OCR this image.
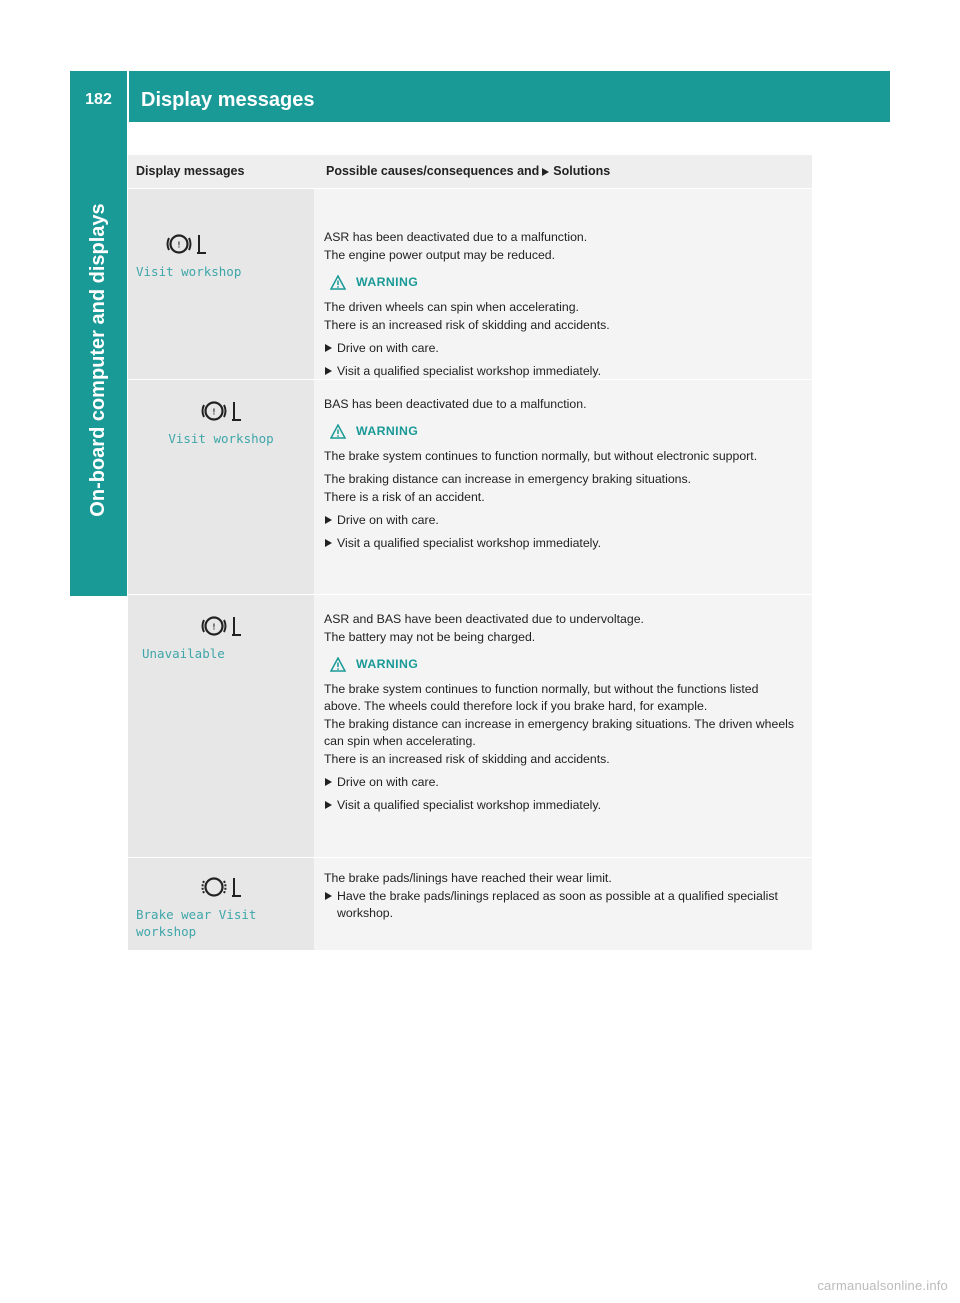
182	Display messages
On-board computer and displays
Display messages	Possible causes/consequences and Solutions
!
Visit workshop

ASR has been deactivated due to a malfunction.

The engine power output may be reduced.

WARNING

The driven wheels can spin when accelerating.

There is an increased risk of skidding and accidents.

Drive on with care.

Visit a qualified specialist workshop immediately.

!
Visit workshop

BAS has been deactivated due to a malfunction.

WARNING

The brake system continues to function normally, but without electronic support.

The braking distance can increase in emergency braking situations.

There is a risk of an accident.

Drive on with care.

Visit a qualified specialist workshop immediately.

!
Unavailable

ASR and BAS have been deactivated due to undervoltage.

The battery may not be being charged.

WARNING

The brake system continues to function normally, but without the functions listed above. The wheels could therefore lock if you brake hard, for example.

The braking distance can increase in emergency braking situations. The driven wheels can spin when accelerating.

There is an increased risk of skidding and accidents.

Drive on with care.

Visit a qualified specialist workshop immediately.

Brake wear Visit
workshop

The brake pads/linings have reached their wear limit.

Have the brake pads/linings replaced as soon as possible at a qualified specialist workshop.

carmanualsonline.info
